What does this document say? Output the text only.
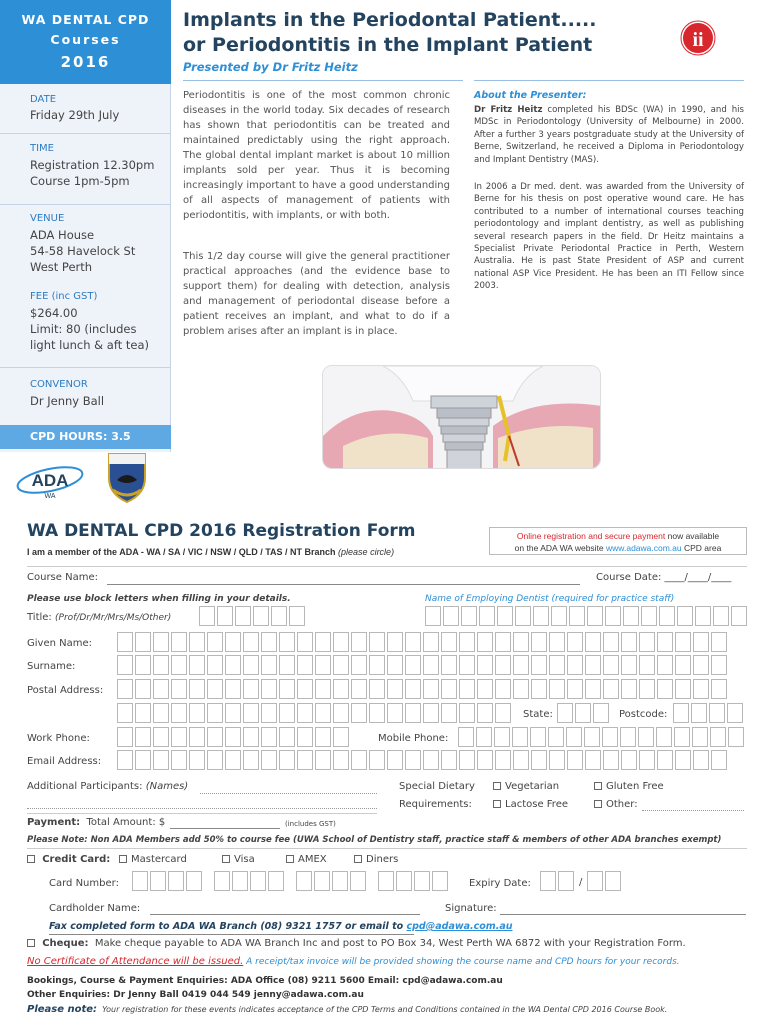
WA DENTAL CPD
Courses
2016
DATE
Friday 29th July
TIME
Registration 12.30pm
Course 1pm-5pm
VENUE
ADA House
54-58 Havelock St
West Perth
FEE (inc GST)
$264.00
Limit: 80 (includes
light lunch & aft tea)
CONVENOR
Dr Jenny Ball
CPD HOURS: 3.5
ADA
WA
Implants in the Periodontal Patient.....
or Periodontitis in the Implant Patient
Presented by Dr Fritz Heitz
ii
Periodontitis is one of the most common chronic diseases in the world today. Six decades of research has shown that periodontitis can be treated and maintained predictably using the right approach. The global dental implant market is about 10 million implants sold per year. Thus it is becoming increasingly important to have a good understanding of all aspects of management of patients with periodontitis, with implants, or with both.
This 1/2 day course will give the general practitioner practical approaches (and the evidence base to support them) for dealing with detection, analysis and management of periodontal disease before a patient receives an implant, and what to do if a problem arises after an implant is in place.
About the Presenter:
Dr Fritz Heitz completed his BDSc (WA) in 1990, and his MDSc in Periodontology (University of Melbourne) in 2000. After a further 3 years postgraduate study at the University of Berne, Switzerland, he received a Diploma in Periodontology and Implant Dentistry (MAS).
In 2006 a Dr med. dent. was awarded from the University of Berne for his thesis on post operative wound care. He has contributed to a number of international courses teaching periodontology and implant dentistry, as well as publishing several research papers in the field. Dr Heitz maintains a Specialist Private Periodontal Practice in Perth, Western Australia. He is past State President of ASP and current national ASP Vice President. He has been an ITI Fellow since 2003.
WA DENTAL CPD 2016 Registration Form
I am a member of the ADA - WA / SA / VIC / NSW / QLD / TAS / NT Branch (please circle)
Online registration and secure payment now available
on the ADA WA website www.adawa.com.au CPD area
Course Name:	Course Date: ____/____/____
Please use block letters when filling in your details.	Name of Employing Dentist (required for practice staff)
Title: (Prof/Dr/Mr/Mrs/Ms/Other)
Given Name:
Surname:
Postal Address:
State:	Postcode:
Work Phone:	Mobile Phone:
Email Address:
Additional Participants: (Names)	Special Dietary
Requirements:
Vegetarian	Gluten Free
Lactose Free	Other:
Payment: Total Amount: $	(includes GST)
Please Note: Non ADA Members add 50% to course fee (UWA School of Dentistry staff, practice staff & members of other ADA branches exempt)
Credit Card:	Mastercard	Visa	AMEX	Diners
Card Number:	Expiry Date:	/
Cardholder Name:	Signature:
Fax completed form to ADA WA Branch (08) 9321 1757 or email to cpd@adawa.com.au
Cheque: Make cheque payable to ADA WA Branch Inc and post to PO Box 34, West Perth WA 6872 with your Registration Form.
No Certificate of Attendance will be issued. A receipt/tax invoice will be provided showing the course name and CPD hours for your records.
Bookings, Course & Payment Enquiries: ADA Office (08) 9211 5600 Email: cpd@adawa.com.au
Other Enquiries: Dr Jenny Ball 0419 044 549 jenny@adawa.com.au
Please note: Your registration for these events indicates acceptance of the CPD Terms and Conditions contained in the WA Dental CPD 2016 Course Book.
